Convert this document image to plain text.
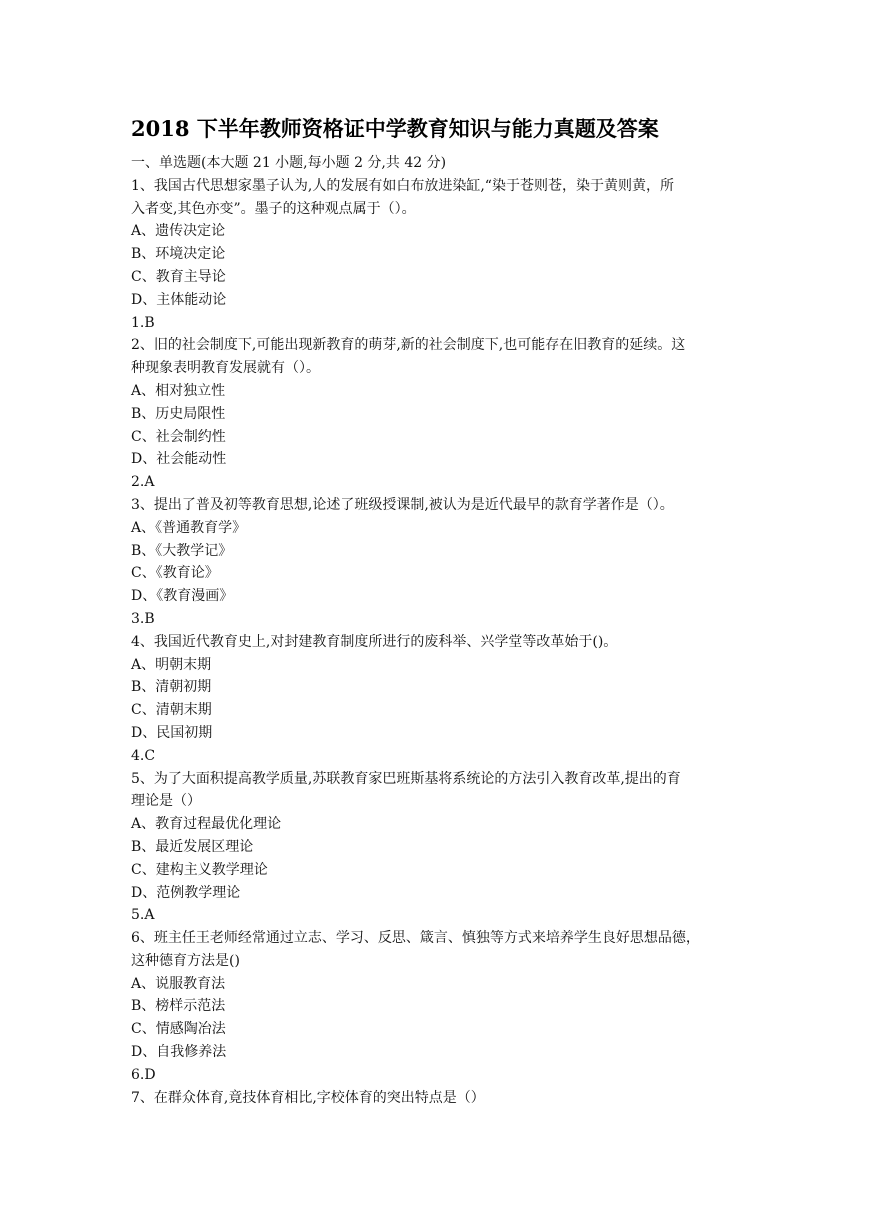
2018 下半年教师资格证中学教育知识与能力真题及答案
一、单选题(本大题 21 小题,每小题 2 分,共 42 分)
1、我国古代思想家墨子认为,人的发展有如白布放进染缸,“染于苍则苍，染于黄则黄，所
入者变,其色亦变”。墨子的这种观点属于（）。
A、遗传决定论
B、环境决定论
C、教育主导论
D、主体能动论
1.B
2、旧的社会制度下,可能出现新教育的萌芽,新的社会制度下,也可能存在旧教育的延续。这
种现象表明教育发展就有（）。
A、相对独立性
B、历史局限性
C、社会制约性
D、社会能动性
2.A
3、提出了普及初等教育思想,论述了班级授课制,被认为是近代最早的款育学著作是（）。
A、《普通教育学》
B、《大教学记》
C、《教育论》
D、《教育漫画》
3.B
4、我国近代教育史上,对封建教育制度所进行的废科举、兴学堂等改革始于()。
A、明朝末期
B、清朝初期
C、清朝末期
D、民国初期
4.C
5、为了大面积提高教学质量,苏联教育家巴班斯基将系统论的方法引入教育改革,提出的育
理论是（）
A、教育过程最优化理论
B、最近发展区理论
C、建构主义教学理论
D、范例教学理论
5.A
6、班主任王老师经常通过立志、学习、反思、箴言、慎独等方式来培养学生良好思想品德，
这种德育方法是()
A、说服教育法
B、榜样示范法
C、情感陶冶法
D、自我修养法
6.D
7、在群众体育,竟技体育相比,字校体育的突出特点是（）
